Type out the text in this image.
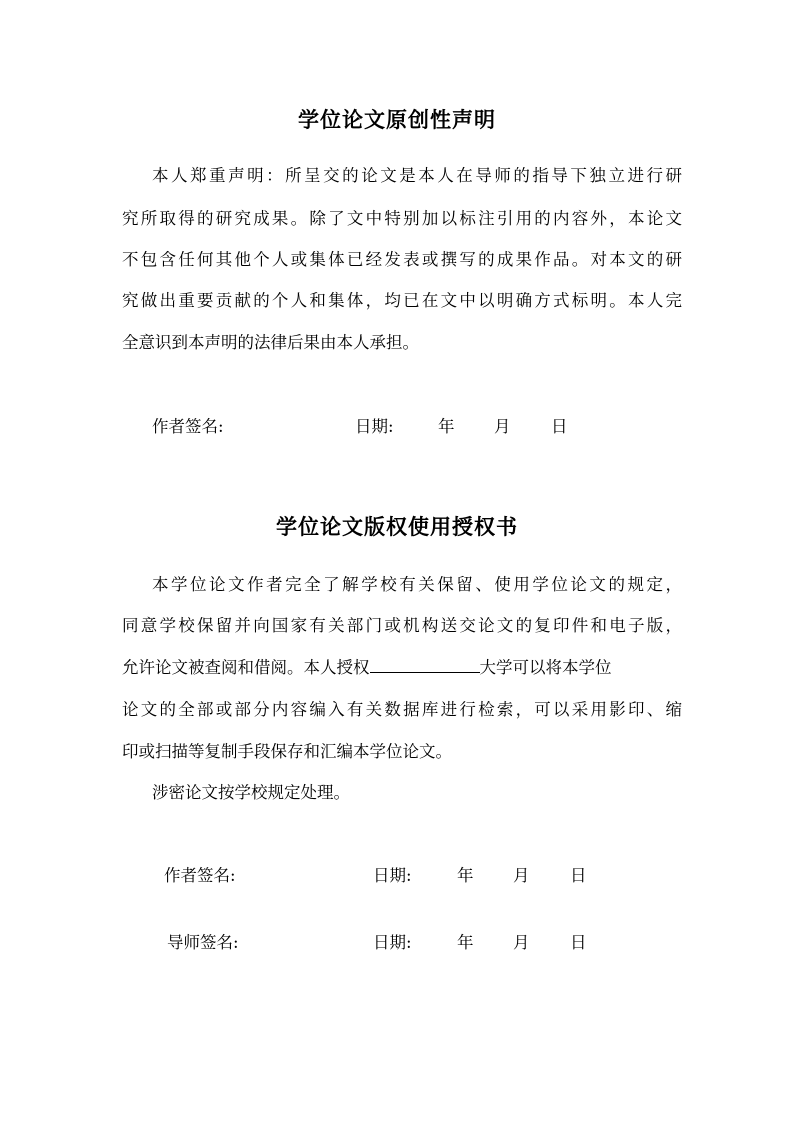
学位论文原创性声明
本人郑重声明：所呈交的论文是本人在导师的指导下独立进行研
究所取得的研究成果。除了文中特别加以标注引用的内容外，本论文
不包含任何其他个人或集体已经发表或撰写的成果作品。对本文的研
究做出重要贡献的个人和集体，均已在文中以明确方式标明。本人完
全意识到本声明的法律后果由本人承担。
作者签名:	日期:	年 月 日
学位论文版权使用授权书
本学位论文作者完全了解学校有关保留、使用学位论文的规定，
同意学校保留并向国家有关部门或机构送交论文的复印件和电子版，
允许论文被查阅和借阅。本人授权	大学可以将本学位
论文的全部或部分内容编入有关数据库进行检索，可以采用影印、缩
印或扫描等复制手段保存和汇编本学位论文。
涉密论文按学校规定处理。
作者签名:	日期:	年 月 日
导师签名:	日期:	年 月 日
